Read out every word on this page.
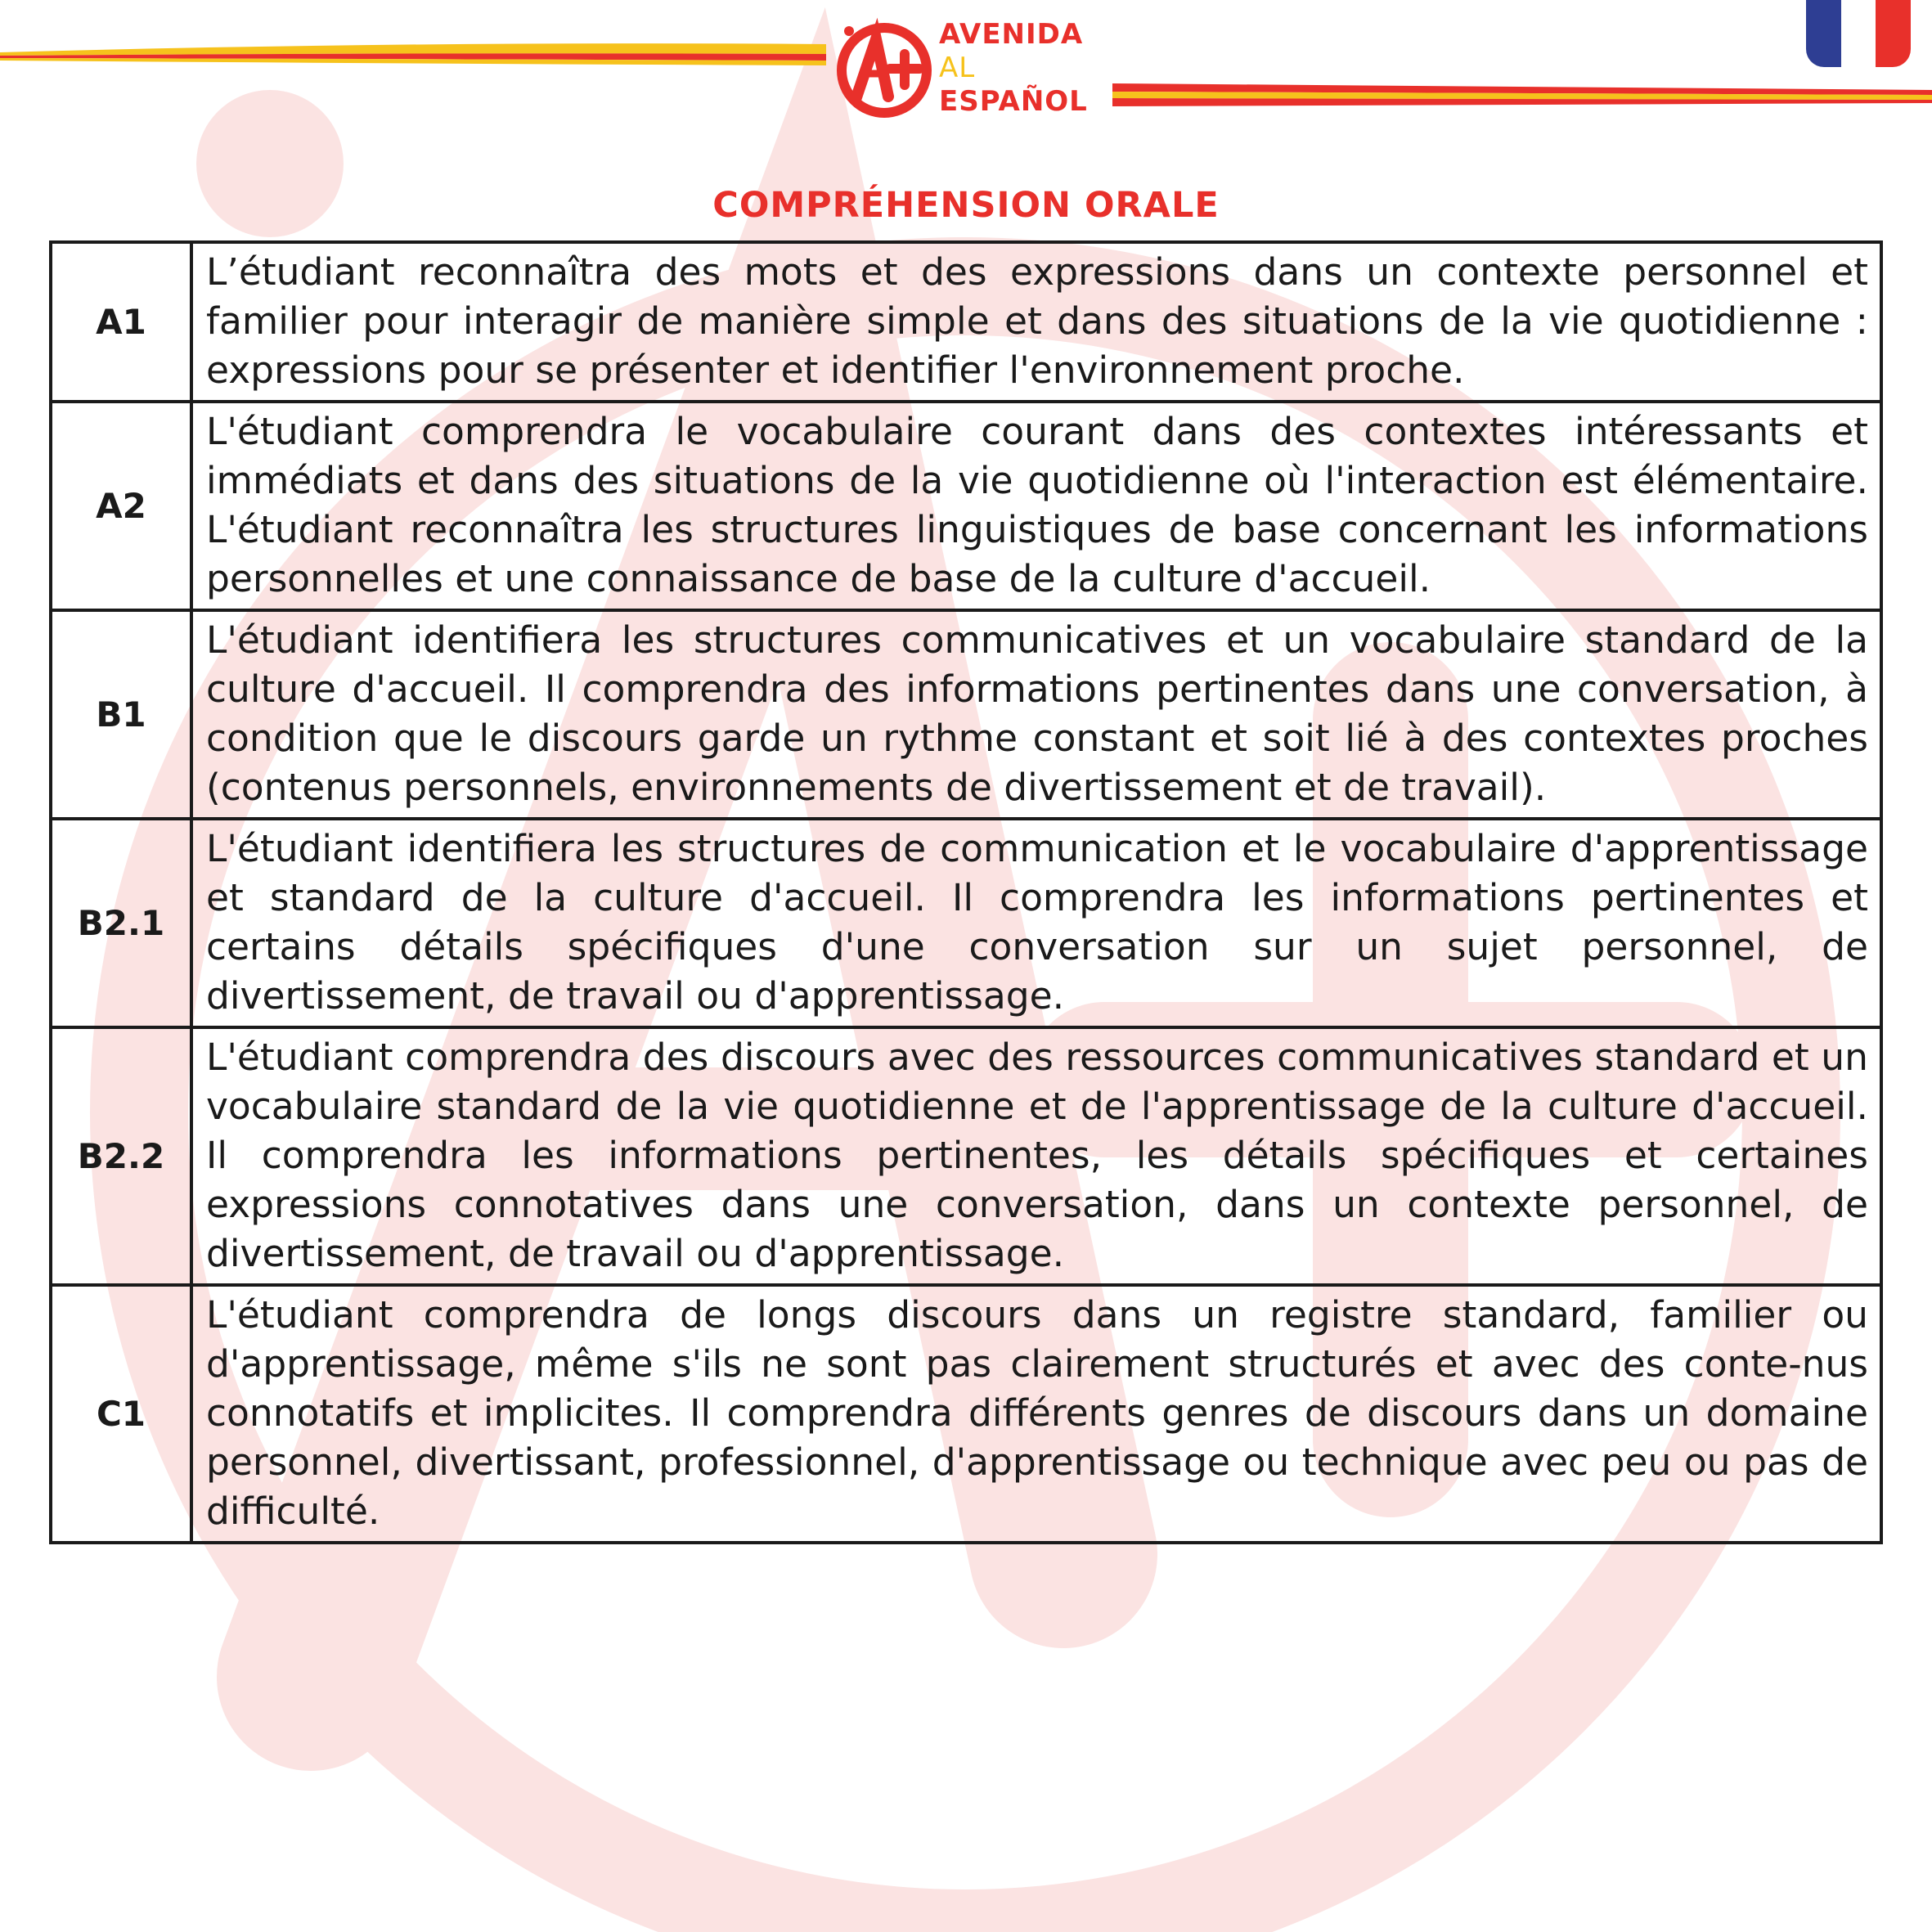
AVENIDA
AL
ESPAÑOL
COMPRÉHENSION ORALE
A1	L’étudiant reconnaîtra des mots et des expressions dans un contexte personnel et familier pour interagir de manière simple et dans des situations de la vie quotidienne : expressions pour se présenter et identifier l'environnement proche.
A2	L'étudiant comprendra le vocabulaire courant dans des contextes intéressants et immédiats et dans des situations de la vie quotidienne où l'interaction est élémentaire. L'étudiant reconnaîtra les structures linguistiques de base concernant les informations personnelles et une connaissance de base de la culture d'accueil.
B1	L'étudiant identifiera les structures communicatives et un vocabulaire standard de la culture d'accueil. Il comprendra des informations pertinentes dans une conversation, à condition que le discours garde un rythme constant et soit lié à des contextes proches (contenus personnels, environnements de divertissement et de travail).
B2.1	L'étudiant identifiera les structures de communication et le vocabulaire d'apprentissage et standard de la culture d'accueil. Il comprendra les informations pertinentes et certains détails spécifiques d'une conversation sur un sujet personnel, de divertissement, de travail ou d'apprentissage.
B2.2	L'étudiant comprendra des discours avec des ressources communicatives standard et un vocabulaire standard de la vie quotidienne et de l'apprentissage de la culture d'accueil. Il comprendra les informations pertinentes, les détails spécifiques et certaines expressions connotatives dans une conversation, dans un contexte personnel, de divertissement, de travail ou d'apprentissage.
C1	L'étudiant comprendra de longs discours dans un registre standard, familier ou d'apprentissage, même s'ils ne sont pas clairement structurés et avec des conte-nus connotatifs et implicites. Il comprendra différents genres de discours dans un domaine personnel, divertissant, professionnel, d'apprentissage ou technique avec peu ou pas de difficulté.
